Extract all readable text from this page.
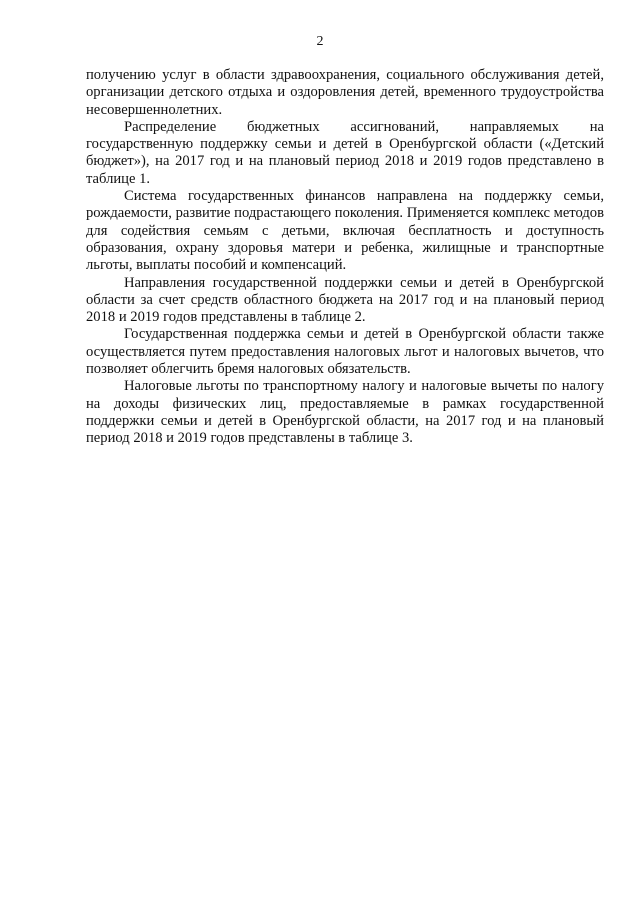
2

получению услуг в области здравоохранения, социального обслуживания детей, организации детского отдыха и оздоровления детей, временного трудоустройства несовершеннолетних.

Распределение бюджетных ассигнований, направляемых на государственную поддержку семьи и детей в Оренбургской области («Детский бюджет»), на 2017 год и на плановый период 2018 и 2019 годов представлено в таблице 1.

Система государственных финансов направлена на поддержку семьи, рождаемости, развитие подрастающего поколения. Применяется комплекс методов для содействия семьям с детьми, включая бесплатность и доступность образования, охрану здоровья матери и ребенка, жилищные и транспортные льготы, выплаты пособий и компенсаций.

Направления государственной поддержки семьи и детей в Оренбургской области за счет средств областного бюджета на 2017 год и на плановый период 2018 и 2019 годов представлены в таблице 2.

Государственная поддержка семьи и детей в Оренбургской области также осуществляется путем предоставления налоговых льгот и налоговых вычетов, что позволяет облегчить бремя налоговых обязательств.

Налоговые льготы по транспортному налогу и налоговые вычеты по налогу на доходы физических лиц, предоставляемые в рамках государственной поддержки семьи и детей в Оренбургской области, на 2017 год и на плановый период 2018 и 2019 годов представлены в таблице 3.
